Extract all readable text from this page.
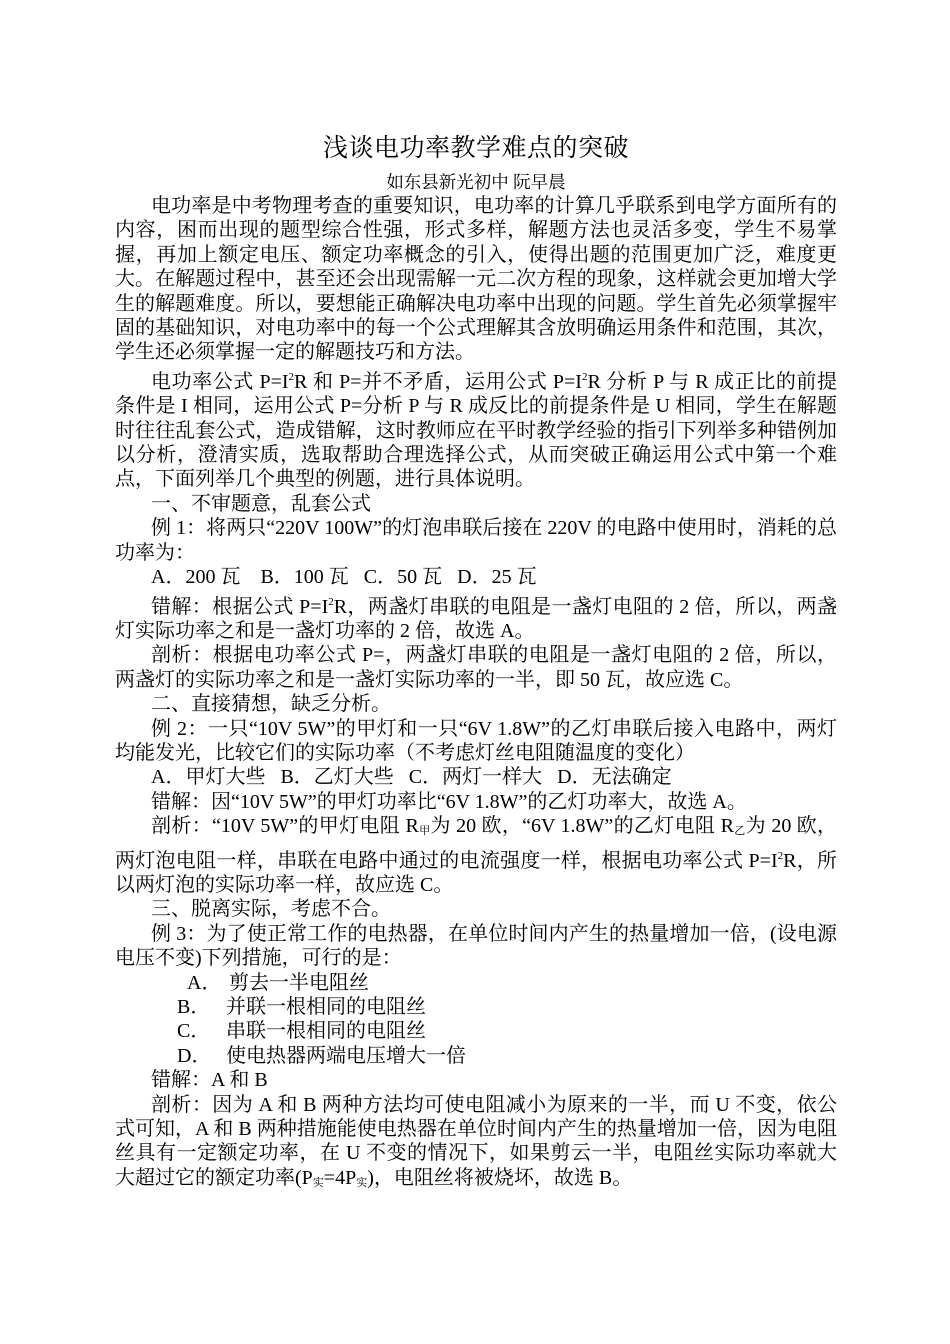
浅谈电功率教学难点的突破

如东县新光初中 阮早晨

电功率是中考物理考查的重要知识，电功率的计算几乎联系到电学方面所有的内容，困而出现的题型综合性强，形式多样，解题方法也灵活多变，学生不易掌握，再加上额定电压、额定功率概念的引入，使得出题的范围更加广泛，难度更大。在解题过程中，甚至还会出现需解一元二次方程的现象，这样就会更加增大学生的解题难度。所以，要想能正确解决电功率中出现的问题。学生首先必须掌握牢固的基础知识，对电功率中的每一个公式理解其含放明确运用条件和范围，其次，学生还必须掌握一定的解题技巧和方法。

电功率公式 $P=I^2R$ 和 P=并不矛盾，运用公式 $P=I^2R$ 分析 P 与 R 成正比的前提条件是 I 相同，运用公式 P=分析 P 与 R 成反比的前提条件是 U 相同，学生在解题时往往乱套公式，造成错解，这时教师应在平时教学经验的指引下列举多种错例加以分析，澄清实质，选取帮助合理选择公式，从而突破正确运用公式中第一个难点，下面列举几个典型的例题，进行具体说明。

一、不审题意，乱套公式

例 1：将两只“220V 100W”的灯泡串联后接在 220V 的电路中使用时，消耗的总功率为：

A．200 瓦    B．100 瓦   C．50 瓦   D．25 瓦

错解：根据公式 $P=I^2R$，两盏灯串联的电阻是一盏灯电阻的 2 倍，所以，两盏灯实际功率之和是一盏灯功率的 2 倍，故选 A。

剖析：根据电功率公式 P=，两盏灯串联的电阻是一盏灯电阻的 2 倍，所以，两盏灯的实际功率之和是一盏灯实际功率的一半，即 50 瓦，故应选 C。

二、直接猜想，缺乏分析。

例 2：一只“10V 5W”的甲灯和一只“6V 1.8W”的乙灯串联后接入电路中，两灯均能发光，比较它们的实际功率（不考虑灯丝电阻随温度的变化）

A．甲灯大些   B．乙灯大些   C．两灯一样大   D．无法确定

错解：因“10V 5W”的甲灯功率比“6V 1.8W”的乙灯功率大，故选 A。

剖析：“10V 5W”的甲灯电阻 R甲为 20 欧，“6V 1.8W”的乙灯电阻 R乙为 20 欧，两灯泡电阻一样，串联在电路中通过的电流强度一样，根据电功率公式 $P=I^2R$，所以两灯泡的实际功率一样，故应选 C。

三、脱离实际，考虑不合。

例 3：为了使正常工作的电热器，在单位时间内产生的热量增加一倍，(设电源电压不变)下列措施，可行的是：

A． 剪去一半电阻丝

B． 并联一根相同的电阻丝

C． 串联一根相同的电阻丝

D． 使电热器两端电压增大一倍

错解：A 和 B

剖析：因为 A 和 B 两种方法均可使电阻减小为原来的一半，而 U 不变，依公式可知，A 和 B 两种措施能使电热器在单位时间内产生的热量增加一倍，因为电阻丝具有一定额定功率，在 U 不变的情况下，如果剪云一半，电阻丝实际功率就大大超过它的额定功率(P实=4P实)，电阻丝将被烧坏，故选 B。
